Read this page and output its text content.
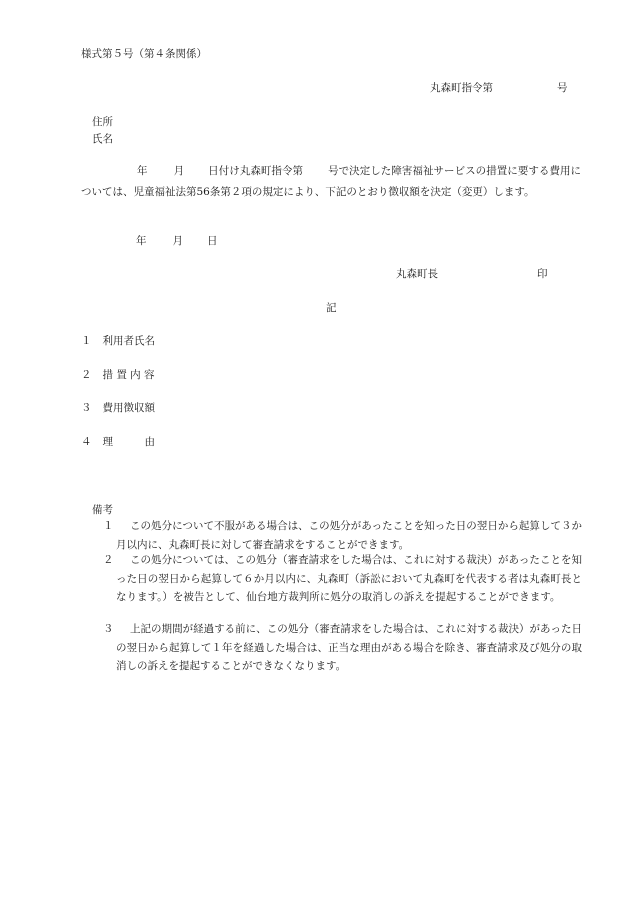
様式第５号（第４条関係）
丸森町指令第	号
住所
氏名
年 月 日付け丸森町指令第 号で決定した障害福祉サービスの措置に要する費用については、児童福祉法第56条第２項の規定により、下記のとおり徴収額を決定（変更）します。
年 月 日
丸森町長	印
記
１ 利用者氏名
２ 措 置 内 容
３ 費用徴収額
４ 理　　　由
備考
１ この処分について不服がある場合は、この処分があったことを知った日の翌日から起算して３か月以内に、丸森町長に対して審査請求をすることができます。
２ この処分については、この処分（審査請求をした場合は、これに対する裁決）があったことを知った日の翌日から起算して６か月以内に、丸森町（訴訟において丸森町を代表する者は丸森町長となります。）を被告として、仙台地方裁判所に処分の取消しの訴えを提起することができます。
３ 上記の期間が経過する前に、この処分（審査請求をした場合は、これに対する裁決）があった日の翌日から起算して１年を経過した場合は、正当な理由がある場合を除き、審査請求及び処分の取消しの訴えを提起することができなくなります。
